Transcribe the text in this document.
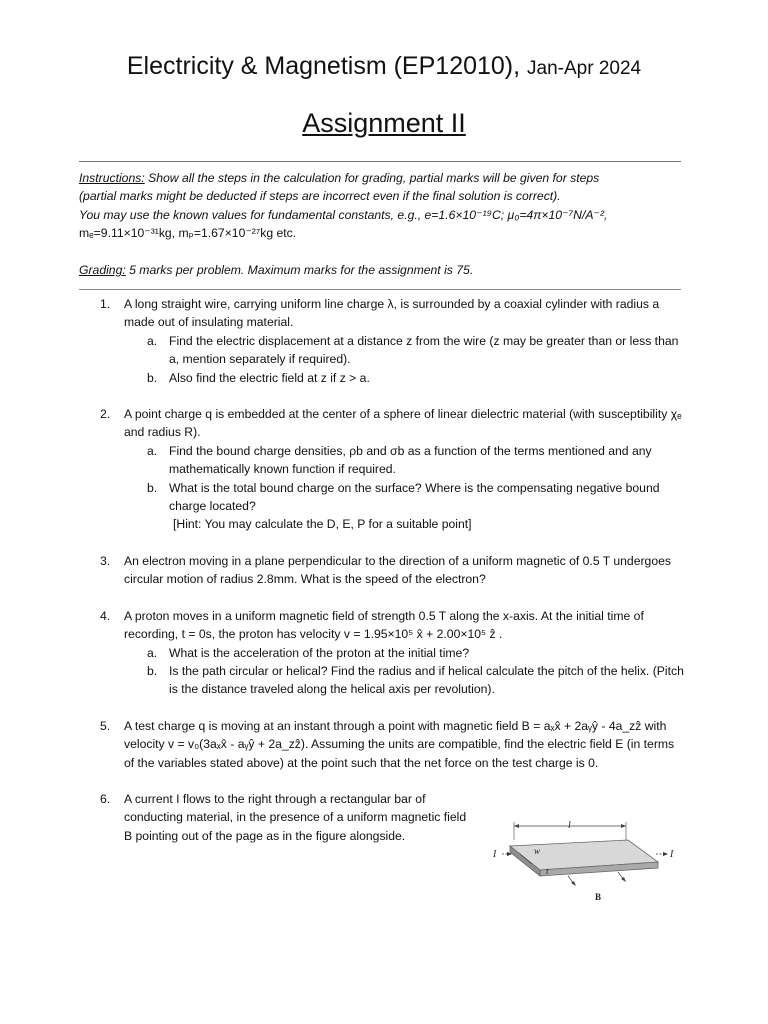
Electricity & Magnetism (EP12010), Jan-Apr 2024
Assignment II

Instructions: Show all the steps in the calculation for grading, partial marks will be given for steps

(partial marks might be deducted if steps are incorrect even if the final solution is correct).

You may use the known values for fundamental constants, e.g., e=1.6×10⁻¹⁹C; μ₀=4π×10⁻⁷N/A⁻²,

mₑ=9.11×10⁻³¹kg, mₚ=1.67×10⁻²⁷kg etc.

Grading: 5 marks per problem. Maximum marks for the assignment is 75.

1. A long straight wire, carrying uniform line charge λ, is surrounded by a coaxial cylinder with radius a made out of insulating material.
a. Find the electric displacement at a distance z from the wire (z may be greater than or less than a, mention separately if required).
b. Also find the electric field at z if z > a.
2. A point charge q is embedded at the center of a sphere of linear dielectric material (with susceptibility χₑ and radius R).
a. Find the bound charge densities, ρb and σb as a function of the terms mentioned and any mathematically known function if required.
b. What is the total bound charge on the surface? Where is the compensating negative bound charge located?
[Hint: You may calculate the D, E, P for a suitable point]
3. An electron moving in a plane perpendicular to the direction of a uniform magnetic of 0.5 T undergoes circular motion of radius 2.8mm. What is the speed of the electron?
4. A proton moves in a uniform magnetic field of strength 0.5 T along the x-axis. At the initial time of recording, t = 0s, the proton has velocity v = 1.95×10⁵ x̂ + 2.00×10⁵ ẑ .
a. What is the acceleration of the proton at the initial time?
b. Is the path circular or helical? Find the radius and if helical calculate the pitch of the helix. (Pitch is the distance traveled along the helical axis per revolution).
5. A test charge q is moving at an instant through a point with magnetic field B = aₓx̂ + 2aᵧŷ - 4a_zẑ with velocity v = v₀(3aₓx̂ - aᵧŷ + 2a_zẑ). Assuming the units are compatible, find the electric field E (in terms of the variables stated above) at the point such that the net force on the test charge is 0.
6. A current I flows to the right through a rectangular bar of conducting material, in the presence of a uniform magnetic field B pointing out of the page as in the figure alongside.
l
I	I
w
t
B
